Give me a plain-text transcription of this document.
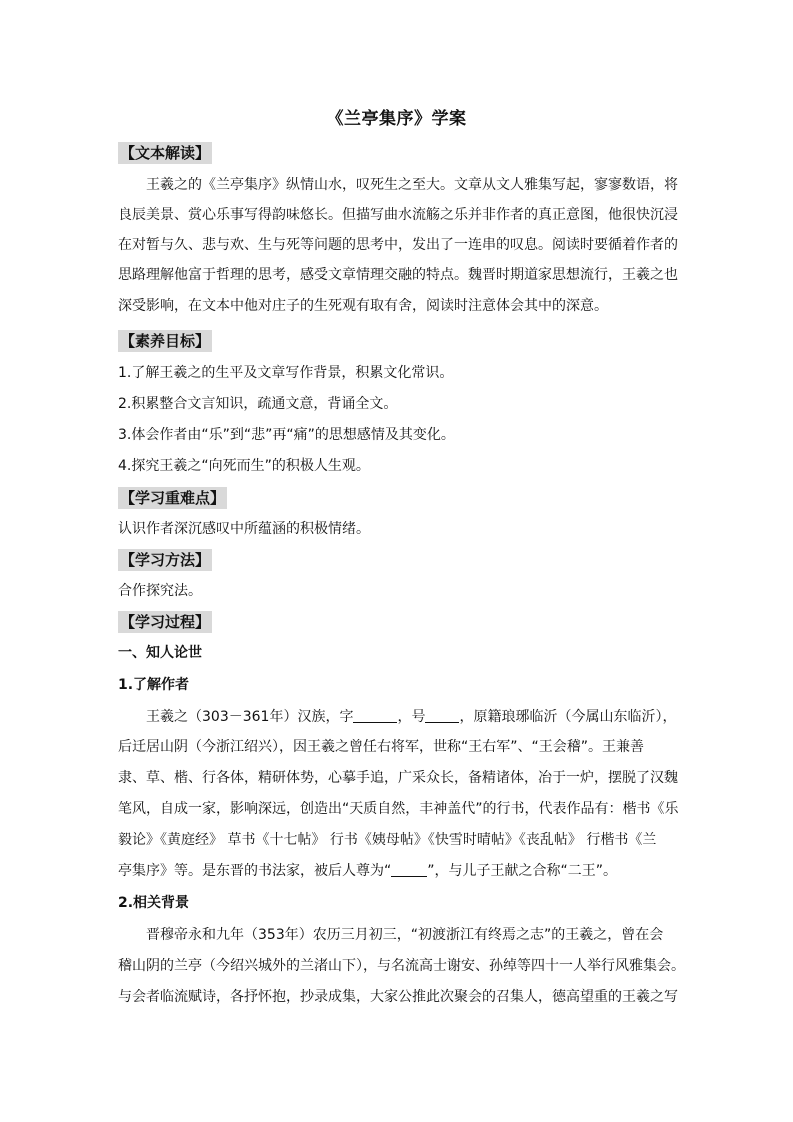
《兰亭集序》学案
【文本解读】
王羲之的《兰亭集序》纵情山水，叹死生之至大。文章从文人雅集写起，寥寥数语，将
良辰美景、赏心乐事写得韵味悠长。但描写曲水流觞之乐并非作者的真正意图，他很快沉浸
在对暂与久、悲与欢、生与死等问题的思考中，发出了一连串的叹息。阅读时要循着作者的
思路理解他富于哲理的思考，感受文章情理交融的特点。魏晋时期道家思想流行，王羲之也
深受影响，在文本中他对庄子的生死观有取有舍，阅读时注意体会其中的深意。
【素养目标】
1.了解王羲之的生平及文章写作背景，积累文化常识。
2.积累整合文言知识，疏通文意，背诵全文。
3.体会作者由“乐”到“悲”再“痛”的思想感情及其变化。
4.探究王羲之“向死而生”的积极人生观。
【学习重难点】
认识作者深沉感叹中所蕴涵的积极情绪。
【学习方法】
合作探究法。
【学习过程】
一、知人论世
1.了解作者
王羲之（303－361年）汉族，字	，号 ，原籍琅琊临沂（今属山东临沂），
后迁居山阴（今浙江绍兴），因王羲之曾任右将军，世称“王右军”、“王会稽”。王兼善
隶、草、楷、行各体，精研体势，心摹手追，广采众长，备精诸体，冶于一炉，摆脱了汉魏
笔风，自成一家，影响深远，创造出“天质自然，丰神盖代”的行书，代表作品有：楷书《乐
毅论》《黄庭经》 草书《十七帖》 行书《姨母帖》《快雪时晴帖》《丧乱帖》 行楷书《兰
亭集序》等。是东晋的书法家，被后人尊为“	”，与儿子王献之合称“二王”。
2.相关背景
晋穆帝永和九年（353年）农历三月初三，“初渡浙江有终焉之志”的王羲之，曾在会
稽山阴的兰亭（今绍兴城外的兰渚山下），与名流高士谢安、孙绰等四十一人举行风雅集会。
与会者临流赋诗，各抒怀抱，抄录成集，大家公推此次聚会的召集人，德高望重的王羲之写
